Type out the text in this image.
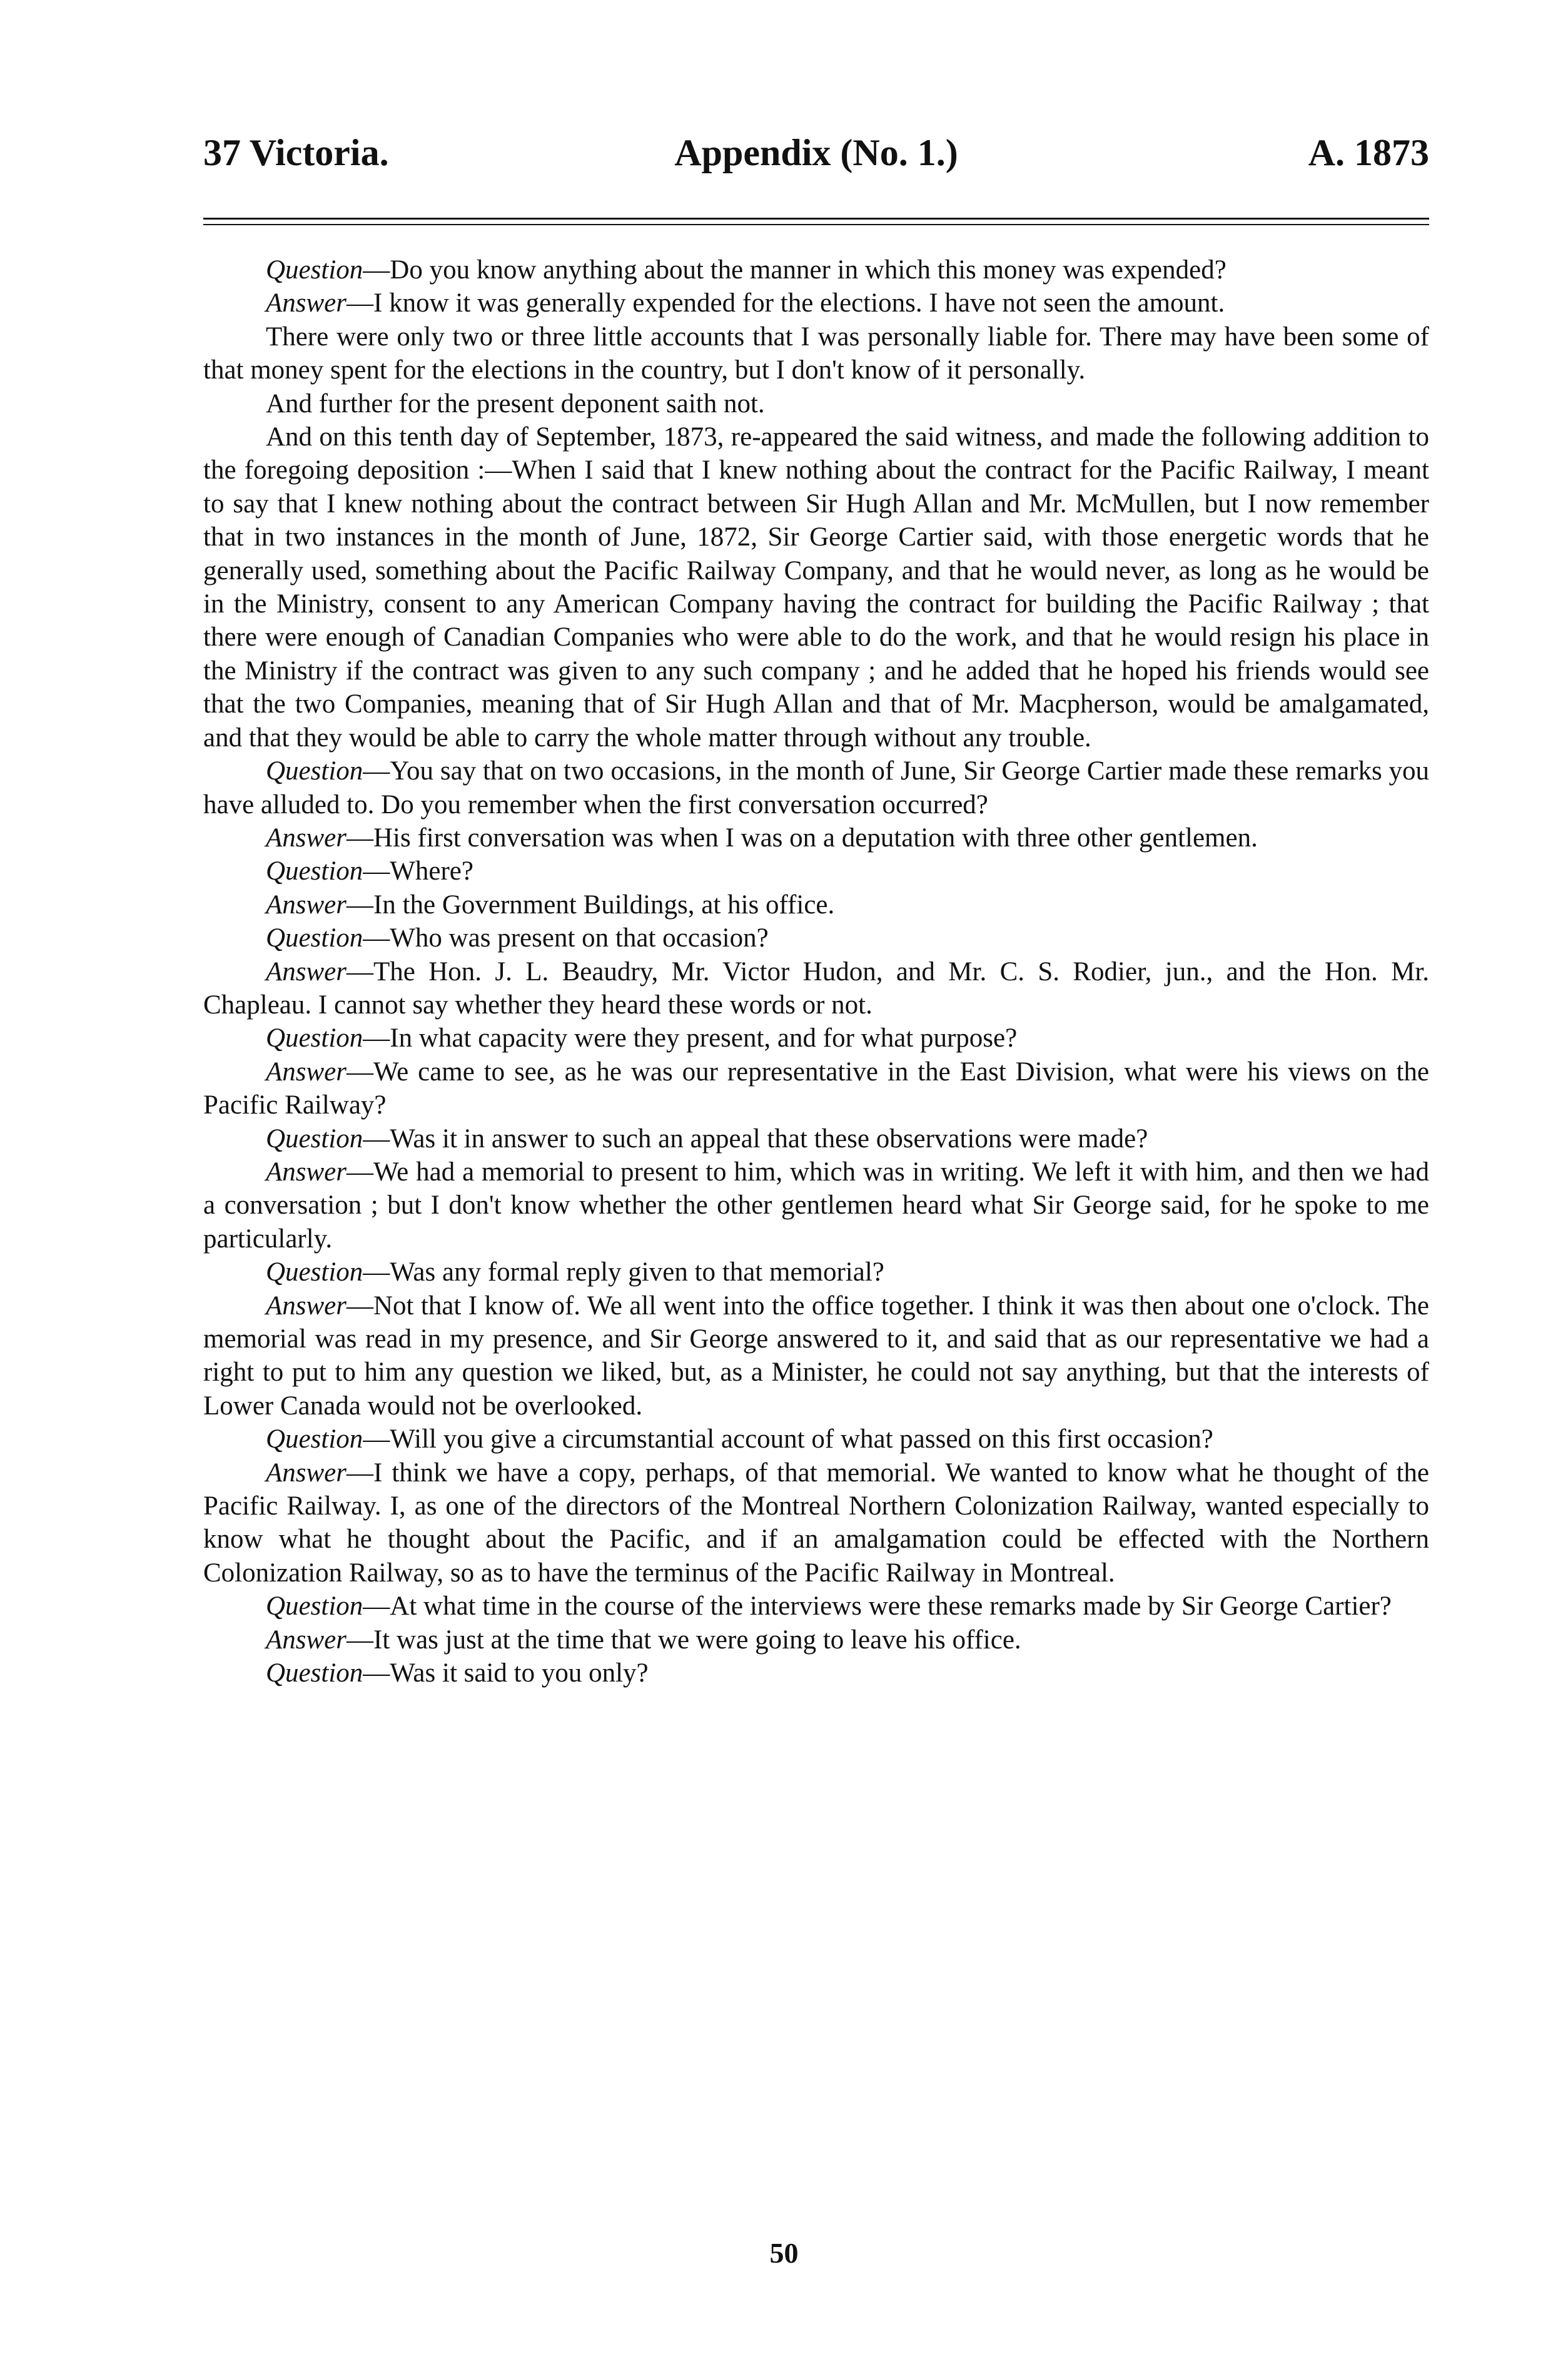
37 Victoria.	Appendix (No. 1.)	A. 1873

Question—Do you know anything about the manner in which this money was expended?

Answer—I know it was generally expended for the elections. I have not seen the amount.

There were only two or three little accounts that I was personally liable for. There may have been some of that money spent for the elections in the country, but I don't know of it personally.

And further for the present deponent saith not.

And on this tenth day of September, 1873, re-appeared the said witness, and made the following addition to the foregoing deposition :—When I said that I knew nothing about the contract for the Pacific Railway, I meant to say that I knew nothing about the contract between Sir Hugh Allan and Mr. McMullen, but I now remember that in two instances in the month of June, 1872, Sir George Cartier said, with those energetic words that he generally used, something about the Pacific Railway Company, and that he would never, as long as he would be in the Ministry, consent to any American Company having the contract for building the Pacific Railway ; that there were enough of Canadian Companies who were able to do the work, and that he would resign his place in the Ministry if the contract was given to any such company ; and he added that he hoped his friends would see that the two Companies, meaning that of Sir Hugh Allan and that of Mr. Macpherson, would be amalgamated, and that they would be able to carry the whole matter through without any trouble.

Question—You say that on two occasions, in the month of June, Sir George Cartier made these remarks you have alluded to. Do you remember when the first conversation occurred?

Answer—His first conversation was when I was on a deputation with three other gentlemen.

Question—Where?

Answer—In the Government Buildings, at his office.

Question—Who was present on that occasion?

Answer—The Hon. J. L. Beaudry, Mr. Victor Hudon, and Mr. C. S. Rodier, jun., and the Hon. Mr. Chapleau. I cannot say whether they heard these words or not.

Question—In what capacity were they present, and for what purpose?

Answer—We came to see, as he was our representative in the East Division, what were his views on the Pacific Railway?

Question—Was it in answer to such an appeal that these observations were made?

Answer—We had a memorial to present to him, which was in writing. We left it with him, and then we had a conversation ; but I don't know whether the other gentlemen heard what Sir George said, for he spoke to me particularly.

Question—Was any formal reply given to that memorial?

Answer—Not that I know of. We all went into the office together. I think it was then about one o'clock. The memorial was read in my presence, and Sir George answered to it, and said that as our representative we had a right to put to him any question we liked, but, as a Minister, he could not say anything, but that the interests of Lower Canada would not be overlooked.

Question—Will you give a circumstantial account of what passed on this first occasion?

Answer—I think we have a copy, perhaps, of that memorial. We wanted to know what he thought of the Pacific Railway. I, as one of the directors of the Montreal Northern Colonization Railway, wanted especially to know what he thought about the Pacific, and if an amalgamation could be effected with the Northern Colonization Railway, so as to have the terminus of the Pacific Railway in Montreal.

Question—At what time in the course of the interviews were these remarks made by Sir George Cartier?

Answer—It was just at the time that we were going to leave his office.

Question—Was it said to you only?

50
